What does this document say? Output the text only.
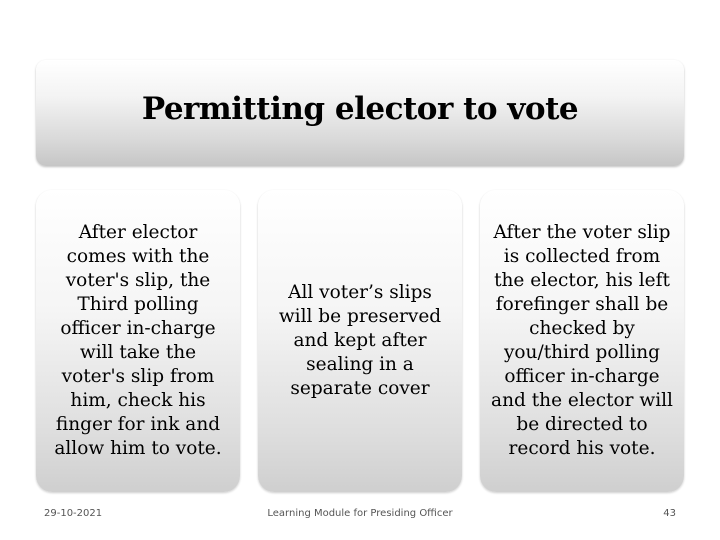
Permitting elector to vote
After elector
comes with the
voter's slip, the
Third polling
officer in-charge
will take the
voter's slip from
him, check his
finger for ink and
allow him to vote.
All voter’s slips
will be preserved
and kept after
sealing in a
separate cover
After the voter slip
is collected from
the elector, his left
forefinger shall be
checked by
you/third polling
officer in-charge
and the elector will
be directed to
record his vote.
29-10-2021	Learning Module for Presiding Officer	43
